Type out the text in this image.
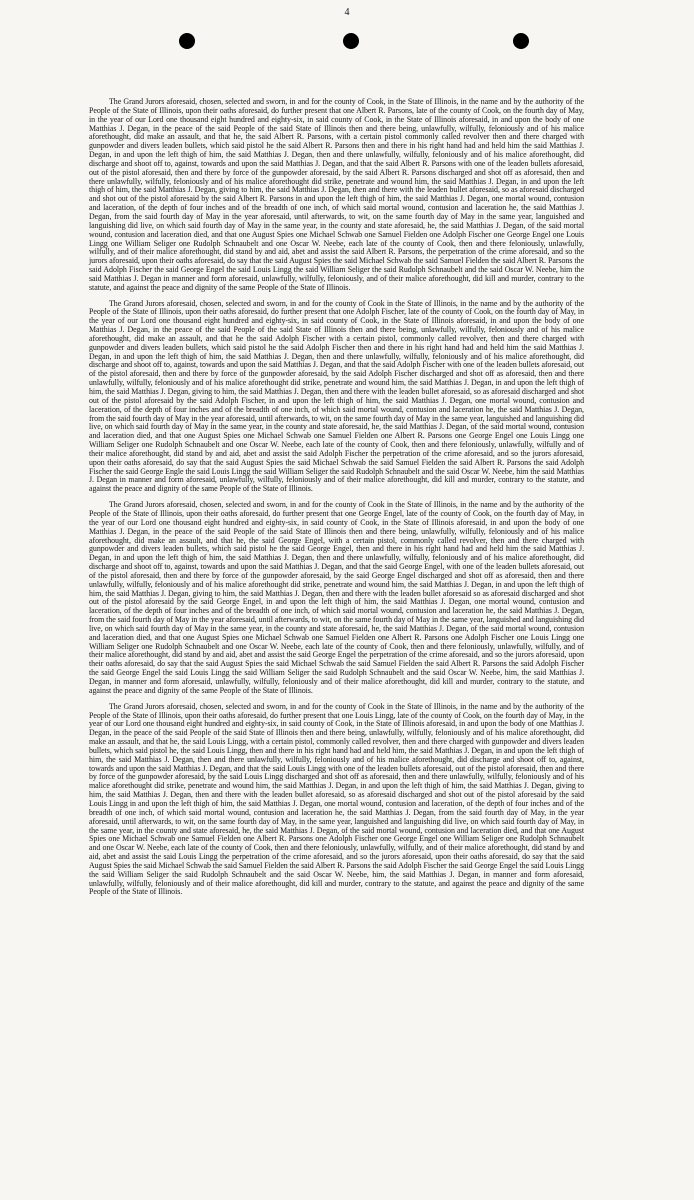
4

The Grand Jurors aforesaid, chosen, selected and sworn, in and for the county of Cook, in the State of Illinois, in the name and by the authority of the People of the State of Illinois, upon their oaths aforesaid, do further present that one Albert R. Parsons, late of the county of Cook, on the fourth day of May, in the year of our Lord one thousand eight hundred and eighty-six, in said county of Cook, in the State of Illinois aforesaid, in and upon the body of one Matthias J. Degan, in the peace of the said People of the said State of Illinois then and there being, unlawfully, wilfully, feloniously and of his malice aforethought, did make an assault, and that he, the said Albert R. Parsons, with a certain pistol commonly called revolver then and there charged with gunpowder and divers leaden bullets, which said pistol he the said Albert R. Parsons then and there in his right hand had and held him the said Matthias J. Degan, in and upon the left thigh of him, the said Matthias J. Degan, then and there unlawfully, wilfully, feloniously and of his malice aforethought, did discharge and shoot off to, against, towards and upon the said Matthias J. Degan, and that the said Albert R. Parsons with one of the leaden bullets aforesaid, out of the pistol aforesaid, then and there by force of the gunpowder aforesaid, by the said Albert R. Parsons discharged and shot off as aforesaid, then and there unlawfully, wilfully, feloniously and of his malice aforethought did strike, penetrate and wound him, the said Matthias J. Degan, in and upon the left thigh of him, the said Matthias J. Degan, giving to him, the said Matthias J. Degan, then and there with the leaden bullet aforesaid, so as aforesaid discharged and shot out of the pistol aforesaid by the said Albert R. Parsons in and upon the left thigh of him, the said Matthias J. Degan, one mortal wound, contusion and laceration, of the depth of four inches and of the breadth of one inch, of which said mortal wound, contusion and laceration he, the said Matthias J. Degan, from the said fourth day of May in the year aforesaid, until afterwards, to wit, on the same fourth day of May in the same year, languished and languishing did live, on which said fourth day of May in the same year, in the county and state aforesaid, he, the said Matthias J. Degan, of the said mortal wound, contusion and laceration died, and that one August Spies one Michael Schwab one Samuel Fielden one Adolph Fischer one George Engel one Louis Lingg one William Seliger one Rudolph Schnaubelt and one Oscar W. Neebe, each late of the county of Cook, then and there feloniously, unlawfully, wilfully, and of their malice aforethought, did stand by and aid, abet and assist the said Albert R. Parsons, the perpetration of the crime aforesaid, and so the jurors aforesaid, upon their oaths aforesaid, do say that the said August Spies the said Michael Schwab the said Samuel Fielden the said Albert R. Parsons the said Adolph Fischer the said George Engel the said Louis Lingg the said William Seliger the said Rudolph Schnaubelt and the said Oscar W. Neebe, him the said Matthias J. Degan in manner and form aforesaid, unlawfully, wilfully, feloniously, and of their malice aforethought, did kill and murder, contrary to the statute, and against the peace and dignity of the same People of the State of Illinois.

The Grand Jurors aforesaid, chosen, selected and sworn, in and for the county of Cook in the State of Illinois, in the name and by the authority of the People of the State of Illinois, upon their oaths aforesaid, do further present that one Adolph Fischer, late of the county of Cook, on the fourth day of May, in the year of our Lord one thousand eight hundred and eighty-six, in said county of Cook, in the State of Illinois aforesaid, in and upon the body of one Matthias J. Degan, in the peace of the said People of the said State of Illinois then and there being, unlawfully, wilfully, feloniously and of his malice aforethought, did make an assault, and that he the said Adolph Fischer with a certain pistol, commonly called revolver, then and there charged with gunpowder and divers leaden bullets, which said pistol he the said Adolph Fischer then and there in his right hand had and held him the said Matthias J. Degan, in and upon the left thigh of him, the said Matthias J. Degan, then and there unlawfully, wilfully, feloniously and of his malice aforethought, did discharge and shoot off to, against, towards and upon the said Matthias J. Degan, and that the said Adolph Fischer with one of the leaden bullets aforesaid, out of the pistol aforesaid, then and there by force of the gunpowder aforesaid, by the said Adolph Fischer discharged and shot off as aforesaid, then and there unlawfully, wilfully, feloniously and of his malice aforethought did strike, penetrate and wound him, the said Matthias J. Degan, in and upon the left thigh of him, the said Matthias J. Degan, giving to him, the said Matthias J. Degan, then and there with the leaden bullet aforesaid, so as aforesaid discharged and shot out of the pistol aforesaid by the said Adolph Fischer, in and upon the left thigh of him, the said Matthias J. Degan, one mortal wound, contusion and laceration, of the depth of four inches and of the breadth of one inch, of which said mortal wound, contusion and laceration he, the said Matthias J. Degan, from the said fourth day of May in the year aforesaid, until afterwards, to wit, on the same fourth day of May in the same year, languished and languishing did live, on which said fourth day of May in the same year, in the county and state aforesaid, he, the said Matthias J. Degan, of the said mortal wound, contusion and laceration died, and that one August Spies one Michael Schwab one Samuel Fielden one Albert R. Parsons one George Engel one Louis Lingg one William Seliger one Rudolph Schnaubelt and one Oscar W. Neebe, each late of the county of Cook, then and there feloniously, unlawfully, wilfully and of their malice aforethought, did stand by and aid, abet and assist the said Adolph Fischer the perpetration of the crime aforesaid, and so the jurors aforesaid, upon their oaths aforesaid, do say that the said August Spies the said Michael Schwab the said Samuel Fielden the said Albert R. Parsons the said Adolph Fischer the said George Engle the said Louis Lingg the said William Seliger the said Rudolph Schnaubelt and the said Oscar W. Neebe, him the said Matthias J. Degan in manner and form aforesaid, unlawfully, wilfully, feloniously and of their malice aforethought, did kill and murder, contrary to the statute, and against the peace and dignity of the same People of the State of Illinois.

The Grand Jurors aforesaid, chosen, selected and sworn, in and for the county of Cook in the State of Illinois, in the name and by the authority of the People of the State of Illinois, upon their oaths aforesaid, do further present that one George Engel, late of the county of Cook, on the fourth day of May, in the year of our Lord one thousand eight hundred and eighty-six, in said county of Cook, in the State of Illinois aforesaid, in and upon the body of one Matthias J. Degan, in the peace of the said People of the said State of Illinois then and there being, unlawfully, wilfully, feloniously and of his malice aforethought, did make an assault, and that he, the said George Engel, with a certain pistol, commonly called revolver, then and there charged with gunpowder and divers leaden bullets, which said pistol he the said George Engel, then and there in his right hand had and held him the said Matthias J. Degan, in and upon the left thigh of him, the said Matthias J. Degan, then and there unlawfully, wilfully, feloniously and of his malice aforethought, did discharge and shoot off to, against, towards and upon the said Matthias J. Degan, and that the said George Engel, with one of the leaden bullets aforesaid, out of the pistol aforesaid, then and there by force of the gunpowder aforesaid, by the said George Engel discharged and shot off as aforesaid, then and there unlawfully, wilfully, feloniously and of his malice aforethought did strike, penetrate and wound him, the said Matthias J. Degan, in and upon the left thigh of him, the said Matthias J. Degan, giving to him, the said Matthias J. Degan, then and there with the leaden bullet aforesaid so as aforesaid discharged and shot out of the pistol aforesaid by the said George Engel, in and upon the left thigh of him, the said Matthias J. Degan, one mortal wound, contusion and laceration, of the depth of four inches and of the breadth of one inch, of which said mortal wound, contusion and laceration he, the said Matthias J. Degan, from the said fourth day of May in the year aforesaid, until afterwards, to wit, on the same fourth day of May in the same year, languished and languishing did live, on which said fourth day of May in the same year, in the county and state aforesaid, he, the said Matthias J. Degan, of the said mortal wound, contusion and laceration died, and that one August Spies one Michael Schwab one Samuel Fielden one Albert R. Parsons one Adolph Fischer one Louis Lingg one William Seliger one Rudolph Schnaubelt and one Oscar W. Neebe, each late of the county of Cook, then and there feloniously, unlawfully, wilfully, and of their malice aforethought, did stand by and aid, abet and assist the said George Engel the perpetration of the crime aforesaid, and so the jurors aforesaid, upon their oaths aforesaid, do say that the said August Spies the said Michael Schwab the said Samuel Fielden the said Albert R. Parsons the said Adolph Fischer the said George Engel the said Louis Lingg the said William Seliger the said Rudolph Schnaubelt and the said Oscar W. Neebe, him, the said Matthias J. Degan, in manner and form aforesaid, unlawfully, wilfully, feloniously and of their malice aforethought, did kill and murder, contrary to the statute, and against the peace and dignity of the same People of the State of Illinois.

The Grand Jurors aforesaid, chosen, selected and sworn, in and for the county of Cook in the State of Illinois, in the name and by the authority of the People of the State of Illinois, upon their oaths aforesaid, do further present that one Louis Lingg, late of the county of Cook, on the fourth day of May, in the year of our Lord one thousand eight hundred and eighty-six, in said county of Cook, in the State of Illinois aforesaid, in and upon the body of one Matthias J. Degan, in the peace of the said People of the said State of Illinois then and there being, unlawfully, wilfully, feloniously and of his malice aforethought, did make an assault, and that he, the said Louis Lingg, with a certain pistol, commonly called revolver, then and there charged with gunpowder and divers leaden bullets, which said pistol he, the said Louis Lingg, then and there in his right hand had and held him, the said Matthias J. Degan, in and upon the left thigh of him, the said Matthias J. Degan, then and there unlawfully, wilfully, feloniously and of his malice aforethought, did discharge and shoot off to, against, towards and upon the said Matthias J. Degan, and that the said Louis Lingg with one of the leaden bullets aforesaid, out of the pistol aforesaid, then and there by force of the gunpowder aforesaid, by the said Louis Lingg discharged and shot off as aforesaid, then and there unlawfully, wilfully, feloniously and of his malice aforethought did strike, penetrate and wound him, the said Matthias J. Degan, in and upon the left thigh of him, the said Matthias J. Degan, giving to him, the said Matthias J. Degan, then and there with the leaden bullet aforesaid, so as aforesaid discharged and shot out of the pistol aforesaid by the said Louis Lingg in and upon the left thigh of him, the said Matthias J. Degan, one mortal wound, contusion and laceration, of the depth of four inches and of the breadth of one inch, of which said mortal wound, contusion and laceration he, the said Matthias J. Degan, from the said fourth day of May, in the year aforesaid, until afterwards, to wit, on the same fourth day of May, in the same year, languished and languishing did live, on which said fourth day of May, in the same year, in the county and state aforesaid, he, the said Matthias J. Degan, of the said mortal wound, contusion and laceration died, and that one August Spies one Michael Schwab one Samuel Fielden one Albert R. Parsons one Adolph Fischer one George Engel one William Seliger one Rudolph Schnaubelt and one Oscar W. Neebe, each late of the county of Cook, then and there feloniously, unlawfully, wilfully, and of their malice aforethought, did stand by and aid, abet and assist the said Louis Lingg the perpetration of the crime aforesaid, and so the jurors aforesaid, upon their oaths aforesaid, do say that the said August Spies the said Michael Schwab the said Samuel Fielden the said Albert R. Parsons the said Adolph Fischer the said George Engel the said Louis Lingg the said William Seliger the said Rudolph Schnaubelt and the said Oscar W. Neebe, him, the said Matthias J. Degan, in manner and form aforesaid, unlawfully, wilfully, feloniously and of their malice aforethought, did kill and murder, contrary to the statute, and against the peace and dignity of the same People of the State of Illinois.
